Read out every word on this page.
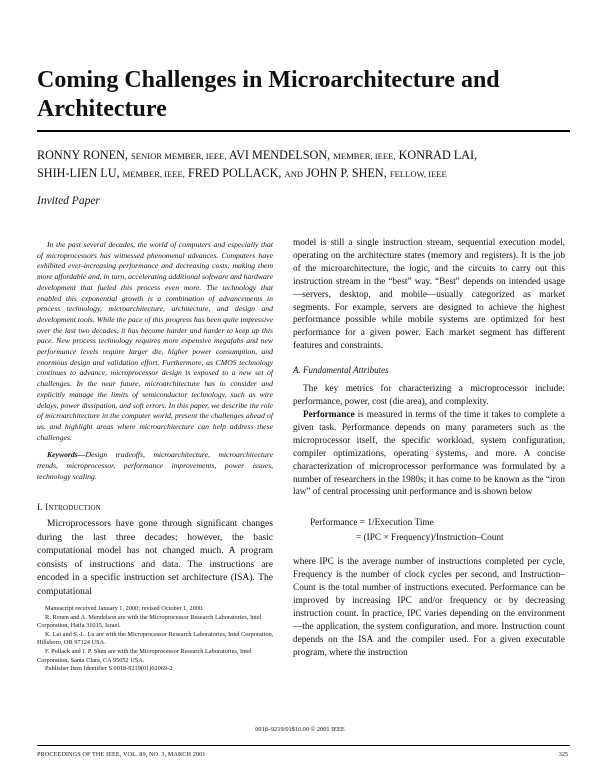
Coming Challenges in Microarchitecture and Architecture
RONNY RONEN, SENIOR MEMBER, IEEE, AVI MENDELSON, MEMBER, IEEE, KONRAD LAI,
SHIH-LIEN LU, MEMBER, IEEE, FRED POLLACK, AND JOHN P. SHEN, FELLOW, IEEE
Invited Paper

In the past several decades, the world of computers and especially that of microprocessors has witnessed phenomenal advances. Computers have exhibited ever-increasing performance and decreasing costs, making them more affordable and, in turn, accelerating additional software and hardware development that fueled this process even more. The technology that enabled this exponential growth is a combination of advancements in process technology, microarchitecture, architecture, and design and development tools. While the pace of this progress has been quite impressive over the last two decades, it has become harder and harder to keep up this pace. New process technology requires more expensive megafabs and new performance levels require larger die, higher power consumption, and enormous design and validation effort. Furthermore, as CMOS technology continues to advance, microprocessor design is exposed to a new set of challenges. In the near future, microarchitecture has to consider and explicitly manage the limits of semiconductor technology, such as wire delays, power dissipation, and soft errors. In this paper, we describe the role of microarchitecture in the computer world, present the challenges ahead of us, and highlight areas where microarchitecture can help address these challenges.

Keywords—Design tradeoffs, microarchitecture, microarchitecture trends, microprocessor, performance improvements, power issues, technology scaling.

I. INTRODUCTION

Microprocessors have gone through significant changes during the last three decades; however, the basic computational model has not changed much. A program consists of instructions and data. The instructions are encoded in a specific instruction set architecture (ISA). The computational

model is still a single instruction stream, sequential execution model, operating on the architecture states (memory and registers). It is the job of the microarchitecture, the logic, and the circuits to carry out this instruction stream in the “best” way. “Best” depends on intended usage—servers, desktop, and mobile—usually categorized as market segments. For example, servers are designed to achieve the highest performance possible while mobile systems are optimized for best performance for a given power. Each market segment has different features and constraints.

A. Fundamental Attributes

The key metrics for characterizing a microprocessor include: performance, power, cost (die area), and complexity.

Performance is measured in terms of the time it takes to complete a given task. Performance depends on many parameters such as the microprocessor itself, the specific workload, system configuration, compiler optimizations, operating systems, and more. A concise characterization of microprocessor performance was formulated by a number of researchers in the 1980s; it has come to be known as the “iron law” of central processing unit performance and is shown below

Performance = 1/Execution Time
= (IPC × Frequency)/Instruction–Count

where IPC is the average number of instructions completed per cycle, Frequency is the number of clock cycles per second, and Instruction–Count is the total number of instructions executed. Performance can be improved by increasing IPC and/or frequency or by decreasing instruction count. In practice, IPC varies depending on the environment—the application, the system configuration, and more. Instruction count depends on the ISA and the compiler used. For a given executable program, where the instruction

Manuscript received January 1, 2000; revised October 1, 2000.

R. Ronen and A. Mendelson are with the Microprocessor Research Laboratories, Intel Corporation, Haifa 31015, Israel.

K. Lai and S.-L. Lu are with the Microprocessor Research Laboratories, Intel Corporation, Hillsboro, OR 97124 USA.

F. Pollack and J. P. Shen are with the Microprocessor Research Laboratories, Intel Corporation, Santa Clara, CA 95052 USA.

Publisher Item Identifier S 0018-9219(01)02069-2.

0018–9219/01$10.00 © 2001 IEEE
PROCEEDINGS OF THE IEEE, VOL. 89, NO. 3, MARCH 2001	325
